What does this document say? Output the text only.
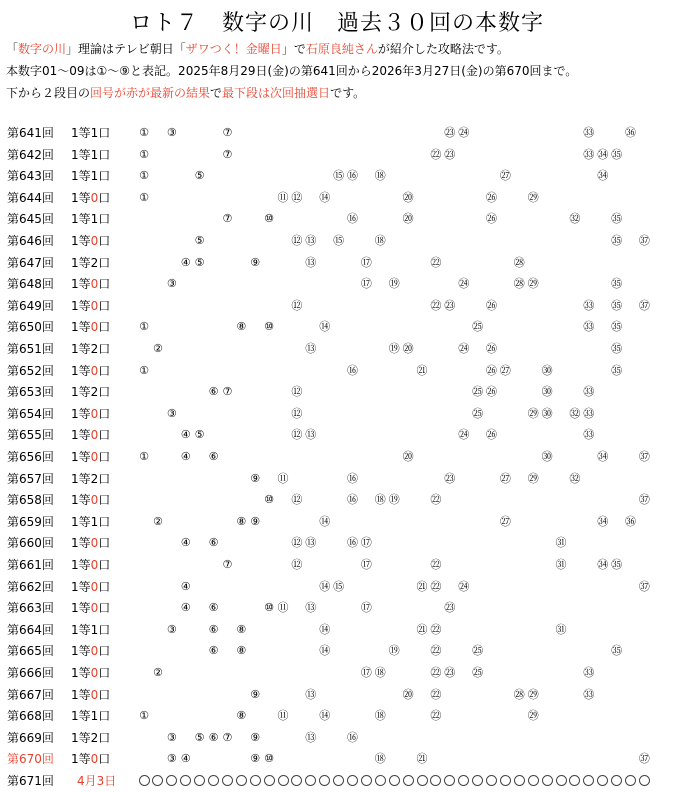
ロト７　数字の川　過去３０回の本数字
「数字の川」理論はテレビ朝日「ザワつく！金曜日」で石原良純さんが紹介した攻略法です。
本数字01〜09は①〜⑨と表記。2025年8月29日(金)の第641回から2026年3月27日(金)の第670回まで。
下から２段目の回号が赤が最新の結果で最下段は次回抽選日です。
第641回 1等1口	① ③	⑦	㉓ ㉔	㉝	㊱
第642回 1等1口	①	⑦	㉒ ㉓	㉝ ㉞ ㉟
第643回 1等1口	①	⑤	⑮ ⑯ ⑱	㉗	㉞
第644回 1等0口	①	⑪ ⑫ ⑭	⑳	㉖	㉙
第645回 1等1口	⑦	⑩	⑯	⑳	㉖	㉜	㉟
第646回 1等0口	⑤	⑫ ⑬ ⑮	⑱	㉟ ㊲
第647回 1等2口	④ ⑤	⑨	⑬	⑰	㉒	㉘
第648回 1等0口	③	⑰ ⑲	㉔	㉘ ㉙	㉟
第649回 1等0口	⑫	㉒ ㉓	㉖	㉝ ㉟ ㊲
第650回 1等0口	①	⑧ ⑩	⑭	㉕	㉝ ㉟
第651回 1等2口	②	⑬	⑲ ⑳	㉔ ㉖	㉟
第652回 1等0口	①	⑯	㉑	㉖ ㉗	㉚	㉟
第653回 1等2口	⑥ ⑦	⑫	㉕ ㉖	㉚	㉝
第654回 1等0口	③	⑫	㉕	㉙ ㉚ ㉜ ㉝
第655回 1等0口	④ ⑤	⑫ ⑬	㉔ ㉖	㉝
第656回 1等0口	①	④ ⑥	⑳	㉚	㉞	㊲
第657回 1等2口	⑨ ⑪	⑯	㉓	㉗ ㉙	㉜
第658回 1等0口	⑩ ⑫	⑯ ⑱ ⑲	㉒	㊲
第659回 1等1口	②	⑧ ⑨	⑭	㉗	㉞ ㊱
第660回 1等0口	④ ⑥	⑫ ⑬	⑯ ⑰	㉛
第661回 1等0口	⑦	⑫	⑰	㉒	㉛	㉞ ㉟
第662回 1等0口	④	⑭ ⑮	㉑ ㉒ ㉔	㊲
第663回 1等0口	④ ⑥	⑩ ⑪ ⑬	⑰	㉓
第664回 1等1口	③	⑥ ⑧	⑭	㉑ ㉒	㉛
第665回 1等0口	⑥ ⑧	⑭	⑲	㉒	㉕	㉟
第666回 1等0口	②	⑰ ⑱	㉒ ㉓ ㉕	㉝
第667回 1等0口	⑨	⑬	⑳ ㉒	㉘ ㉙	㉝
第668回 1等1口	①	⑧	⑪	⑭	⑱	㉒	㉙
第669回 1等2口	③ ⑤ ⑥ ⑦ ⑨	⑬	⑯
第670回 1等0口	③ ④	⑨ ⑩	⑱	㉑	㊲
第671回 4月3日
